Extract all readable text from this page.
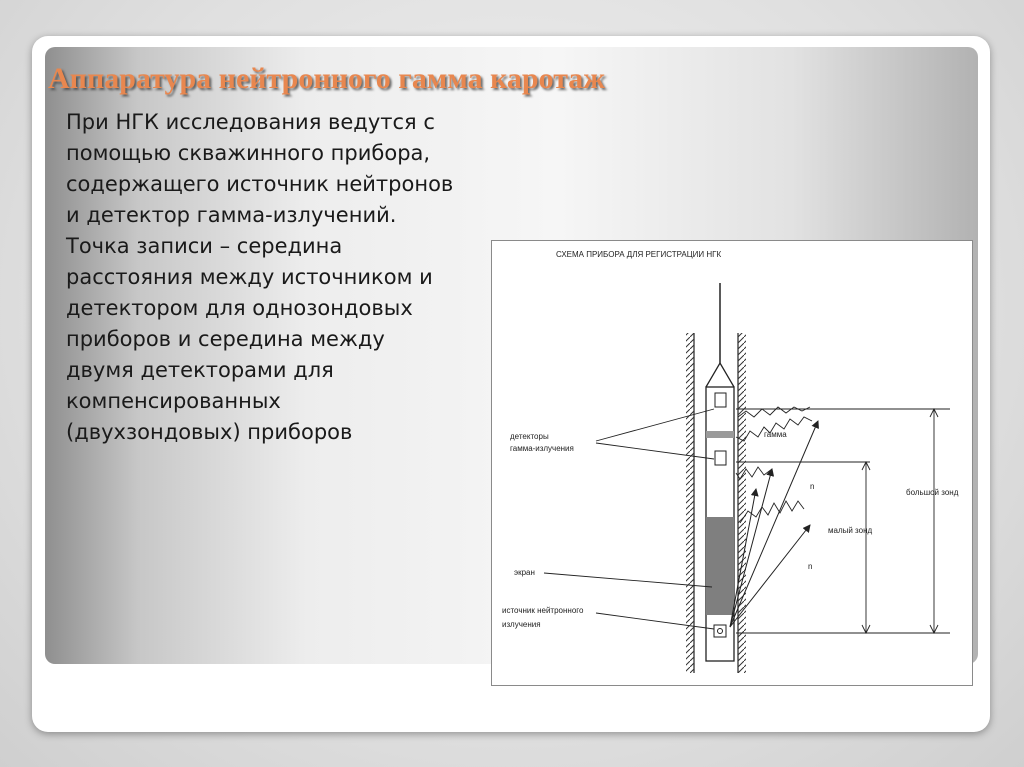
Аппаратура нейтронного гамма каротаж
При НГК исследования ведутся с
помощью скважинного прибора,
содержащего источник нейтронов
и детектор гамма-излучений.
Точка записи – середина
расстояния между источником и
детектором для однозондовых
приборов и середина между
двумя детекторами для
компенсированных
(двухзондовых) приборов
СХЕМА ПРИБОРА ДЛЯ РЕГИСТРАЦИИ НГК
большой зонд
малый зонд
гамма
n
n
детекторы
гамма-излучения
экран
источник нейтронного
излучения
